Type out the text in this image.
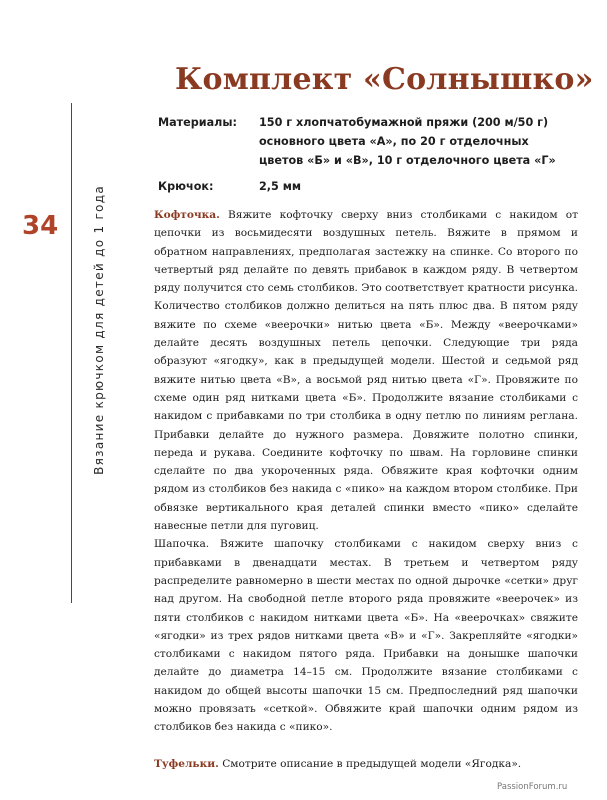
Комплект «Солнышко»
Материалы:	150 г хлопчатобумажной пряжи (200 м/50 г) основного цвета «А», по 20 г отделочных цветов «Б» и «В», 10 г отделочного цвета «Г»
Крючок:	2,5 мм
34	Вязание крючком для детей до 1 года	Кофточка. Вяжите кофточку сверху вниз столбиками с накидом от цепочки из восьмидесяти воздушных петель. Вяжите в прямом и обратном направлениях, предполагая застежку на спинке. Со второго по четвертый ряд делайте по девять прибавок в каждом ряду. В четвертом ряду получится сто семь столбиков. Это соответствует кратности рисунка. Количество столбиков должно делиться на пять плюс два. В пятом ряду вяжите по схеме «веерочки» нитью цвета «Б». Между «веерочками» делайте десять воздушных петель цепочки. Следующие три ряда образуют «ягодку», как в предыдущей модели. Шестой и седьмой ряд вяжите нитью цвета «В», а восьмой ряд нитью цвета «Г». Провяжите по схеме один ряд нитками цвета «Б». Продолжите вязание столбиками с накидом с прибавками по три столбика в одну петлю по линиям реглана. Прибавки делайте до нужного размера. Довяжите полотно спинки, переда и рукава. Соедините кофточку по швам. На горловине спинки сделайте по два укороченных ряда. Обвяжите края кофточки одним рядом из столбиков без накида с «пико» на каждом втором столбике. При обвязке вертикального края деталей спинки вместо «пико» сделайте навесные петли для пуговиц.

Шапочка. Вяжите шапочку столбиками с накидом сверху вниз с прибавками в двенадцати местах. В третьем и четвертом ряду распределите равномерно в шести местах по одной дырочке «сетки» друг над другом. На свободной петле второго ряда провяжите «веерочек» из пяти столбиков с накидом нитками цвета «Б». На «веерочках» свяжите «ягодки» из трех рядов нитками цвета «В» и «Г». Закрепляйте «ягодки» столбиками с накидом пятого ряда. Прибавки на донышке шапочки делайте до диаметра 14–15 см. Продолжите вязание столбиками с накидом до общей высоты шапочки 15 см. Предпоследний ряд шапочки можно провязать «сеткой». Обвяжите край шапочки одним рядом из столбиков без накида с «пико».

Туфельки. Смотрите описание в предыдущей модели «Ягодка».

PassionForum.ru
